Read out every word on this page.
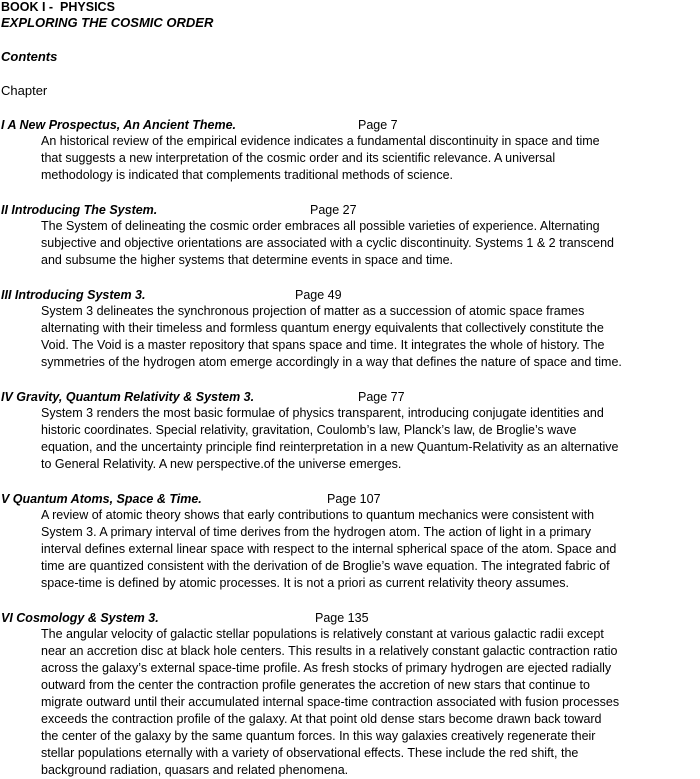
BOOK I -  PHYSICS

EXPLORING THE COSMIC ORDER

Contents

Chapter

I A New Prospectus, An Ancient Theme.	Page 7
An historical review of the empirical evidence indicates a fundamental discontinuity in space and time
that suggests a new interpretation of the cosmic order and its scientific relevance. A universal
methodology is indicated that complements traditional methods of science.
II Introducing The System.	Page 27
The System of delineating the cosmic order embraces all possible varieties of experience. Alternating
subjective and objective orientations are associated with a cyclic discontinuity. Systems 1 & 2 transcend
and subsume the higher systems that determine events in space and time.
III Introducing System 3.	Page 49
System 3 delineates the synchronous projection of matter as a succession of atomic space frames
alternating with their timeless and formless quantum energy equivalents that collectively constitute the
Void. The Void is a master repository that spans space and time. It integrates the whole of history. The
symmetries of the hydrogen atom emerge accordingly in a way that defines the nature of space and time.
IV Gravity, Quantum Relativity & System 3.	Page 77
System 3 renders the most basic formulae of physics transparent, introducing conjugate identities and
historic coordinates. Special relativity, gravitation, Coulomb’s law, Planck’s law, de Broglie’s wave
equation, and the uncertainty principle find reinterpretation in a new Quantum-Relativity as an alternative
to General Relativity. A new perspective.of the universe emerges.
V Quantum Atoms, Space & Time.	Page 107
A review of atomic theory shows that early contributions to quantum mechanics were consistent with
System 3. A primary interval of time derives from the hydrogen atom. The action of light in a primary
interval defines external linear space with respect to the internal spherical space of the atom. Space and
time are quantized consistent with the derivation of de Broglie’s wave equation. The integrated fabric of
space-time is defined by atomic processes. It is not a priori as current relativity theory assumes.
VI Cosmology & System 3.	Page 135
The angular velocity of galactic stellar populations is relatively constant at various galactic radii except
near an accretion disc at black hole centers. This results in a relatively constant galactic contraction ratio
across the galaxy’s external space-time profile. As fresh stocks of primary hydrogen are ejected radially
outward from the center the contraction profile generates the accretion of new stars that continue to
migrate outward until their accumulated internal space-time contraction associated with fusion processes
exceeds the contraction profile of the galaxy. At that point old dense stars become drawn back toward
the center of the galaxy by the same quantum forces. In this way galaxies creatively regenerate their
stellar populations eternally with a variety of observational effects. These include the red shift, the
background radiation, quasars and related phenomena.
